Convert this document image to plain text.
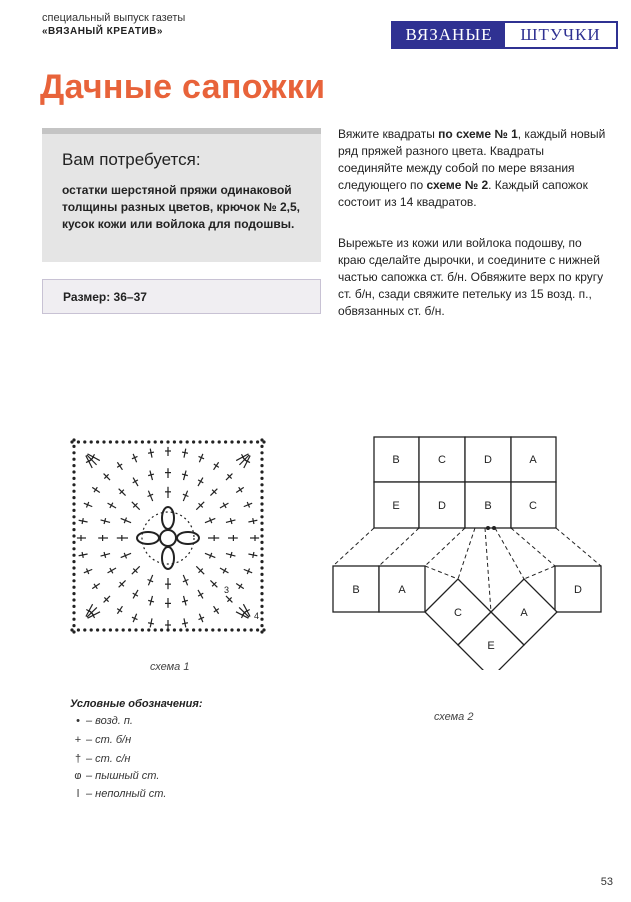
специальный выпуск газеты
«ВЯЗАНЫЙ КРЕАТИВ»	ВЯЗАНЫЕ	ШТУЧКИ
Дачные сапожки
Вам потребуется:
остатки шерстяной пряжи одинаковой толщины разных цветов, крючок № 2,5, кусок кожи или войлока для подошвы.
Размер: 36–37
Вяжите квадраты по схеме № 1, каждый новый ряд пряжей разного цвета. Квадраты соединяйте между собой по мере вязания следующего по схеме № 2. Каждый сапожок состоит из 14 квадратов.
Вырежьте из кожи или войлока подошву, по краю сделайте дырочки, и соедините с нижней частью сапожка ст. б/н. Обвяжите верх по кругу ст. б/н, сзади свяжите петельку из 15 возд. п., обвязанных ст. б/н.
3
4
схема 1
B	C	D	A
E	D	B	C
B	A	D
C	A
E
схема 2
Условные обозначения:
• – возд. п.
+ – ст. б/н
† – ст. с/н
ⱷ – пышный ст.
ǀ – неполный ст.
53
